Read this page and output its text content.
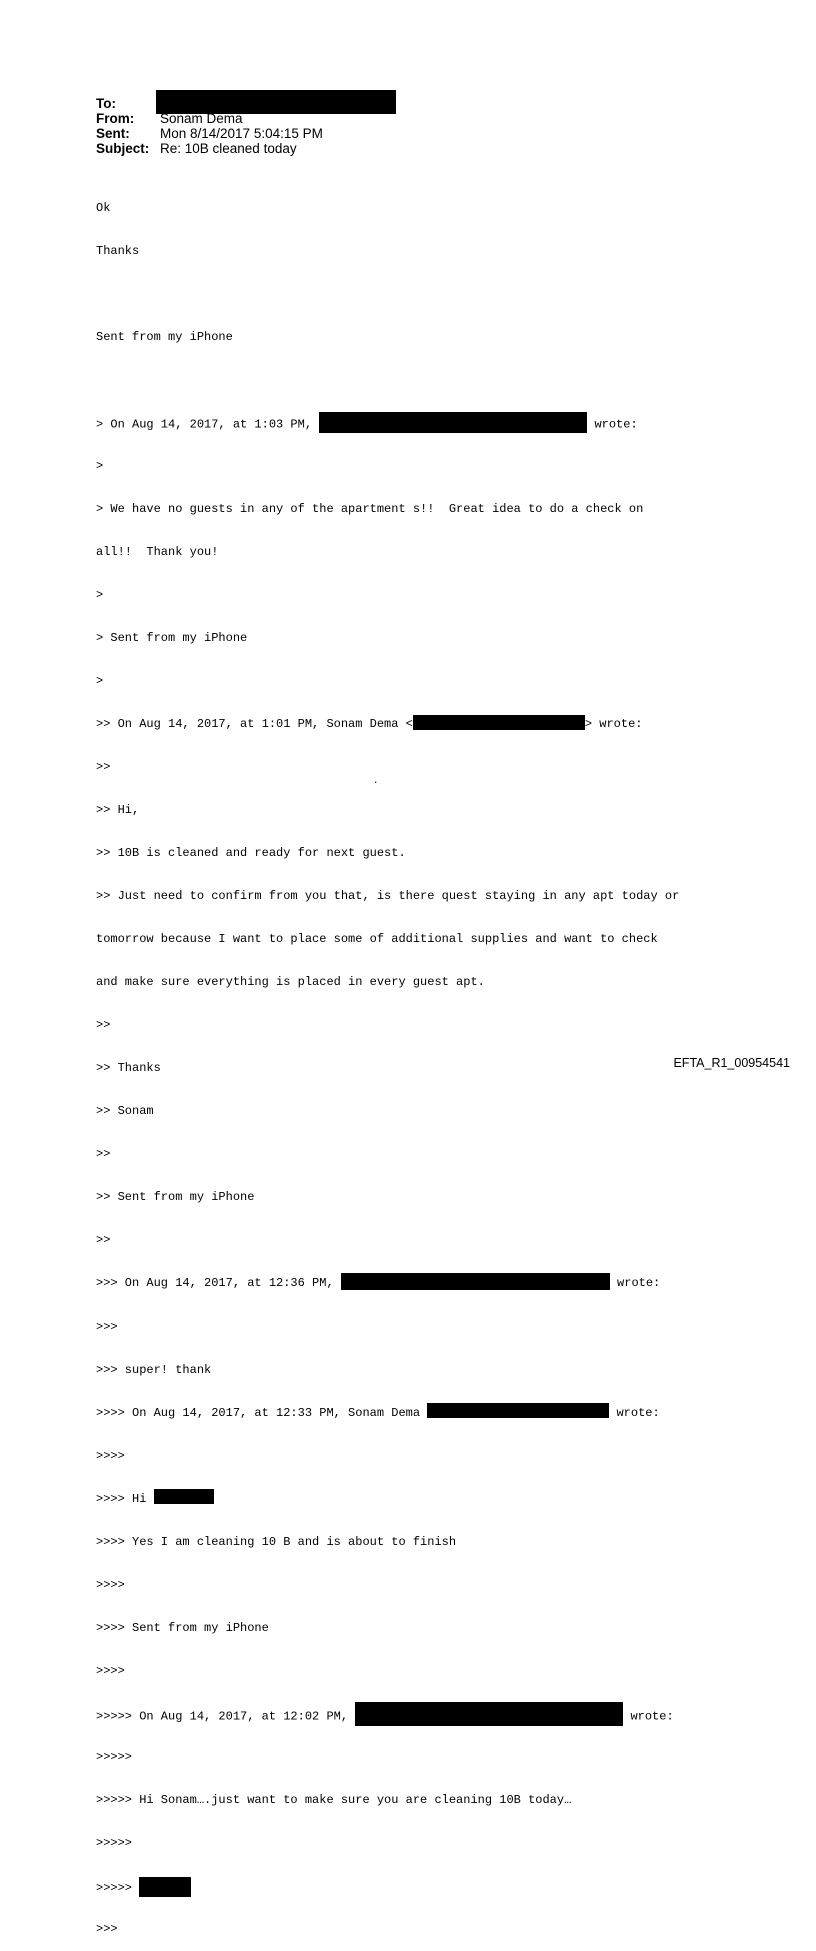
To:
From:	Sonam Dema
Sent:	Mon 8/14/2017 5:04:15 PM
Subject: Re: 10B cleaned today

Ok

Thanks

Sent from my iPhone

> On Aug 14, 2017, at 1:03 PM,	wrote:

>

> We have no guests in any of the apartment s!!  Great idea to do a check on

all!!  Thank you!

>

> Sent from my iPhone

>

>> On Aug 14, 2017, at 1:01 PM, Sonam Dema <	> wrote:

>>

>> Hi,

>> 10B is cleaned and ready for next guest.

>> Just need to confirm from you that, is there quest staying in any apt today or

tomorrow because I want to place some of additional supplies and want to check

and make sure everything is placed in every guest apt.

>>

>> Thanks

>> Sonam

>>

>> Sent from my iPhone

>>

>>> On Aug 14, 2017, at 12:36 PM,	wrote:

>>>

>>> super! thank

>>>> On Aug 14, 2017, at 12:33 PM, Sonam Dema	wrote:

>>>>

>>>> Hi

>>>> Yes I am cleaning 10 B and is about to finish

>>>>

>>>> Sent from my iPhone

>>>>

>>>>> On Aug 14, 2017, at 12:02 PM,	wrote:

>>>>>

>>>>> Hi Sonam….just want to make sure you are cleaning 10B today…

>>>>>

>>>>>

>>>

.
EFTA_R1_00954541
